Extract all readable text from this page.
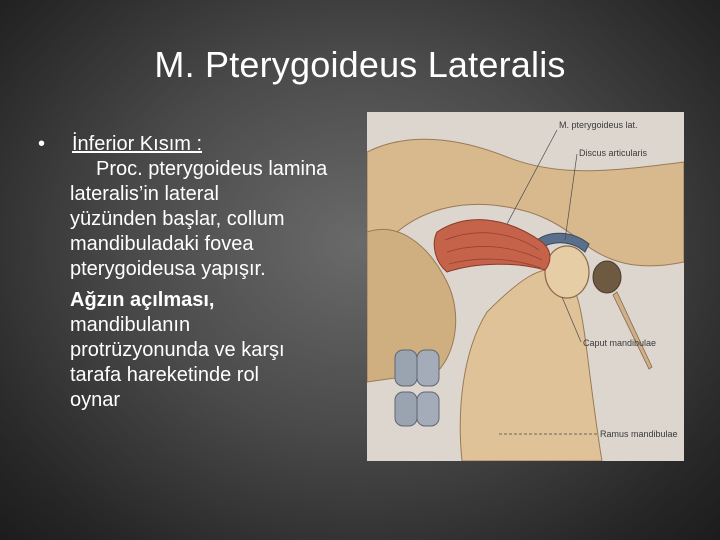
M. Pterygoideus Lateralis
• İnferior Kısım :
Proc. pterygoideus lamina
lateralis’in lateral
yüzünden başlar, collum
mandibuladaki fovea
pterygoideusa yapışır.
Ağzın açılması,
mandibulanın
protrüzyonunda ve karşı
tarafa hareketinde rol
oynar
M. pterygoideus lat.
Discus articularis
Caput mandibulae
Ramus mandibulae
